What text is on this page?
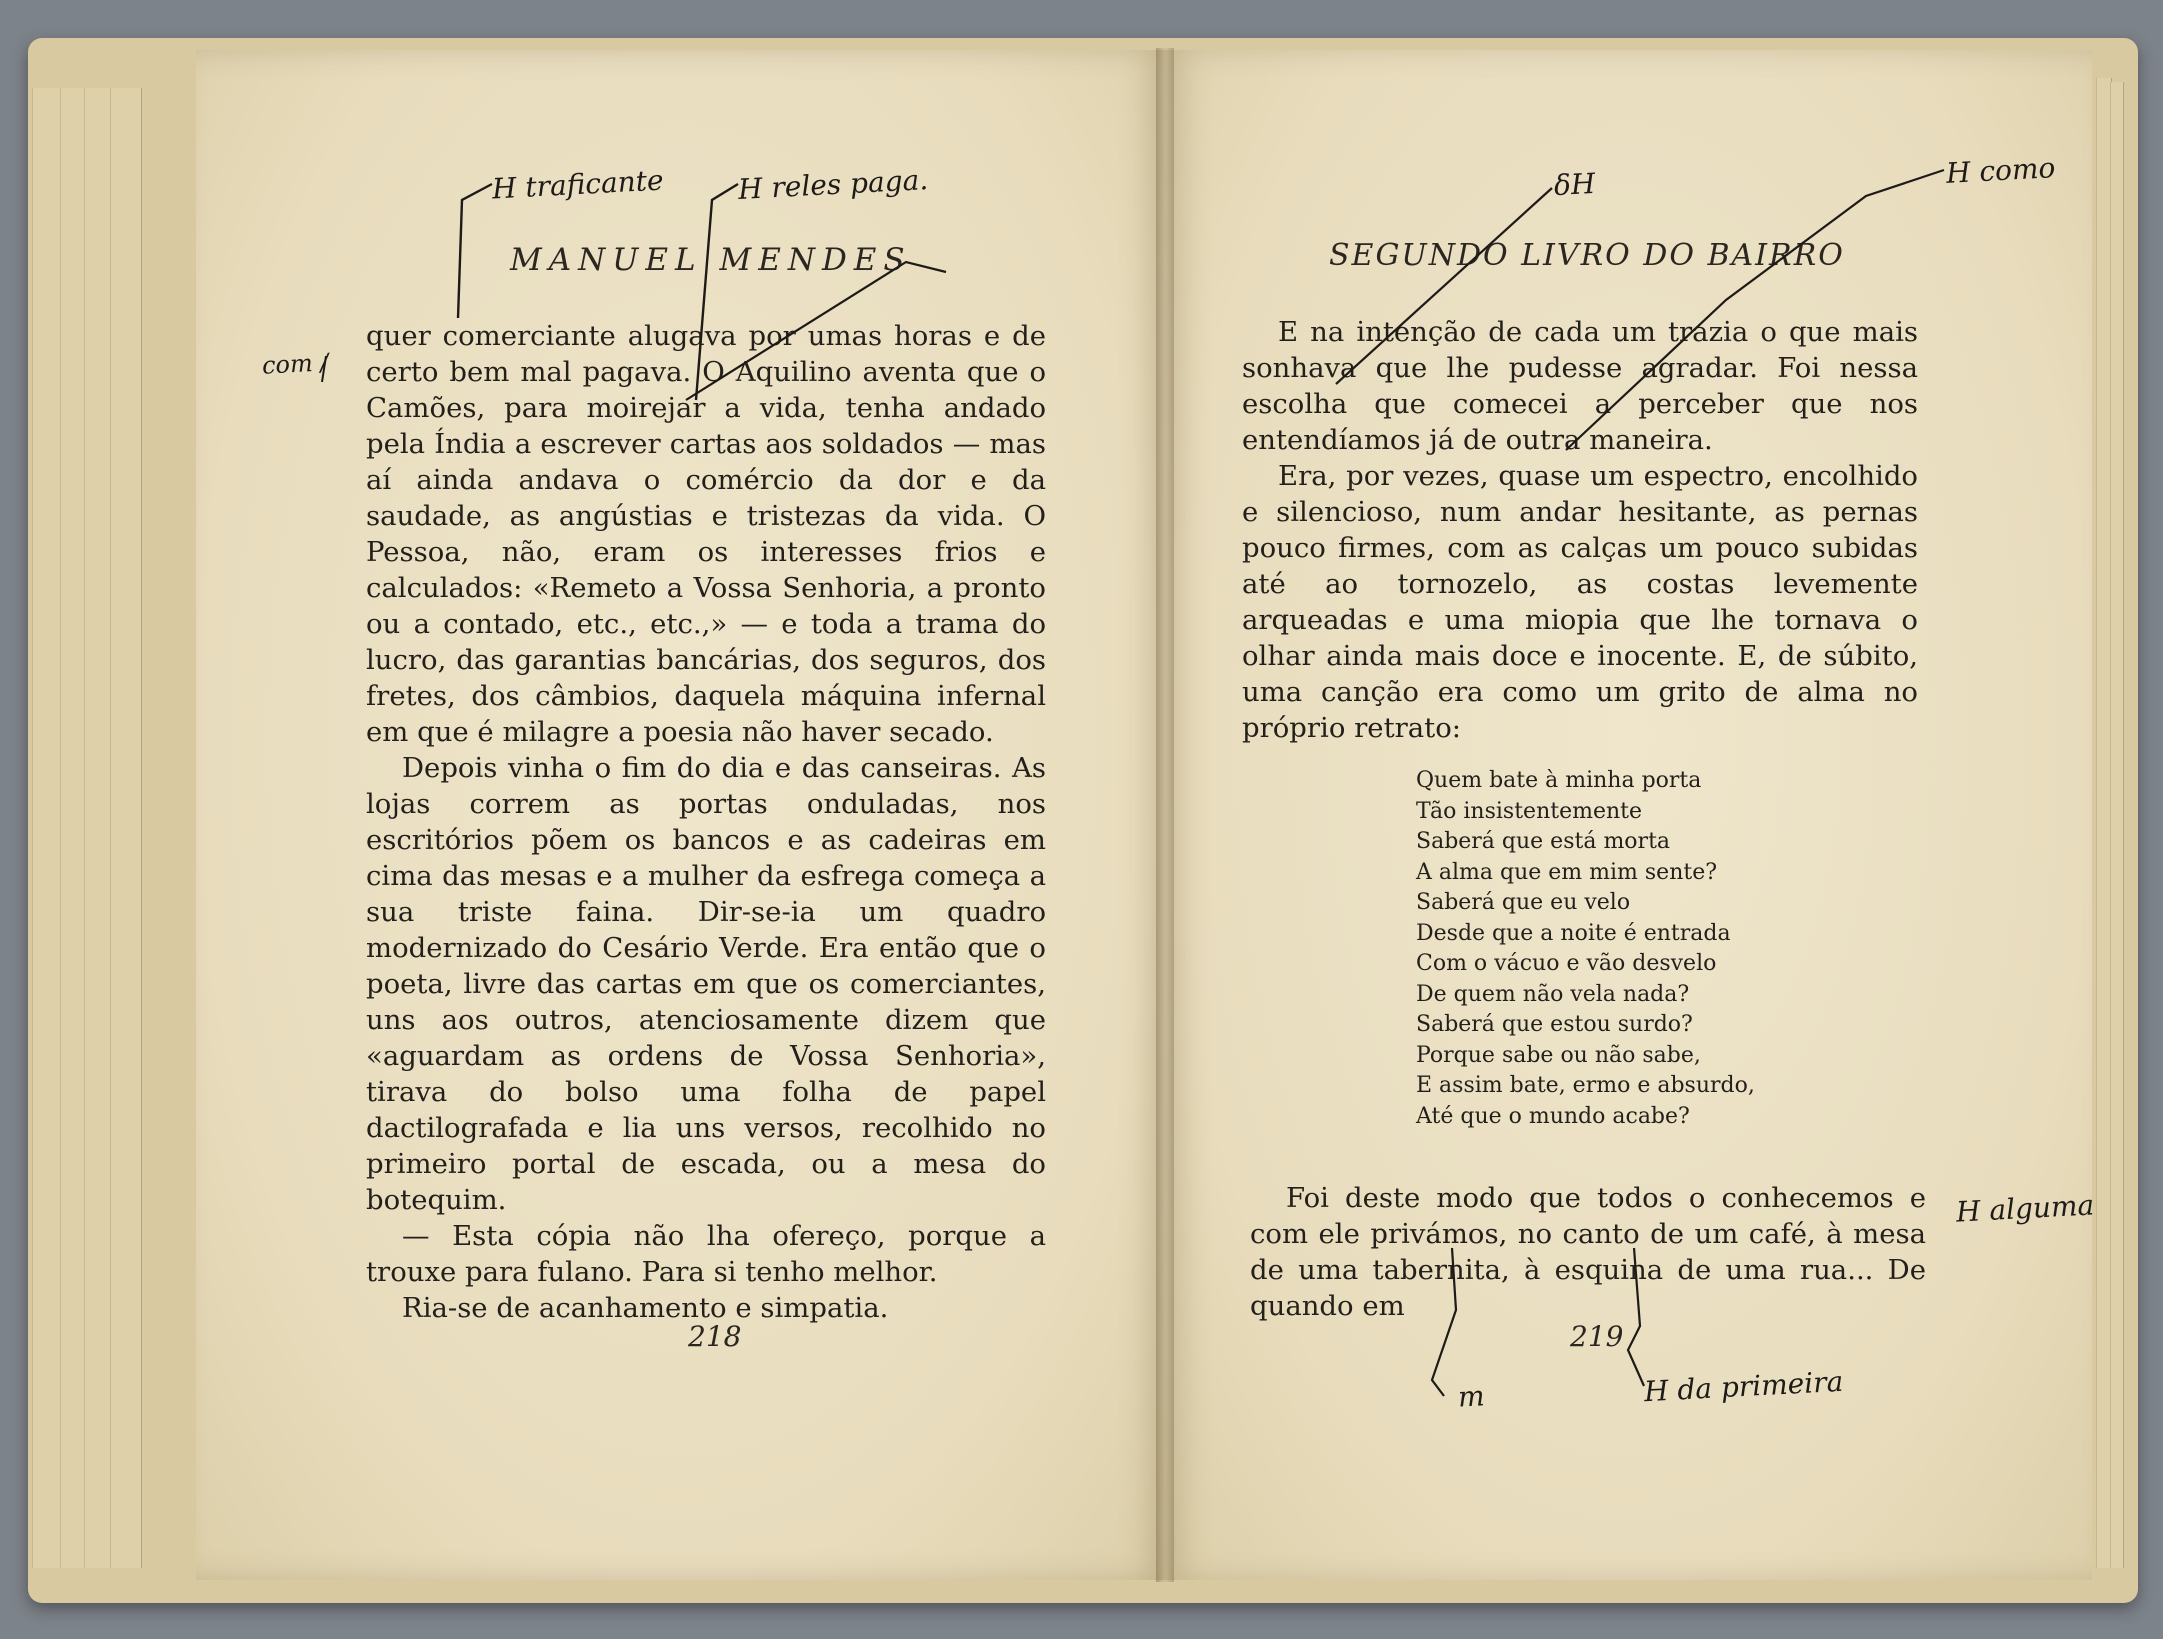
MANUEL MENDES

quer comerciante alugava por umas horas e de certo bem mal pagava. O Aquilino aventa que o Camões, para moirejar a vida, tenha andado pela Índia a escrever cartas aos soldados — mas aí ainda andava o comércio da dor e da saudade, as angústias e tristezas da vida. O Pessoa, não, eram os interesses frios e calculados: «Remeto a Vossa Senhoria, a pronto ou a contado, etc., etc.,» — e toda a trama do lucro, das garantias bancárias, dos seguros, dos fretes, dos câmbios, daquela máquina infernal em que é milagre a poesia não haver secado.

Depois vinha o fim do dia e das canseiras. As lojas correm as portas onduladas, nos escritórios põem os bancos e as cadeiras em cima das mesas e a mulher da esfrega começa a sua triste faina. Dir-se-ia um quadro modernizado do Cesário Verde. Era então que o poeta, livre das cartas em que os comerciantes, uns aos outros, atenciosamente dizem que «aguardam as ordens de Vossa Senhoria», tirava do bolso uma folha de papel dactilografada e lia uns versos, recolhido no primeiro portal de escada, ou a mesa do botequim.

— Esta cópia não lha ofereço, porque a trouxe para fulano. Para si tenho melhor.

Ria-se de acanhamento e simpatia.

218
H traficante	H reles paga.
com /
SEGUNDO LIVRO DO BAIRRO

E na intenção de cada um trazia o que mais sonhava que lhe pudesse agradar. Foi nessa escolha que comecei a perceber que nos entendíamos já de outra maneira.

Era, por vezes, quase um espectro, encolhido e silencioso, num andar hesitante, as pernas pouco firmes, com as calças um pouco subidas até ao tornozelo, as costas levemente arqueadas e uma miopia que lhe tornava o olhar ainda mais doce e inocente. E, de súbito, uma canção era como um grito de alma no próprio retrato:

Quem bate à minha porta
Tão insistentemente
Saberá que está morta
A alma que em mim sente?
Saberá que eu velo
Desde que a noite é entrada
Com o vácuo e vão desvelo
De quem não vela nada?
Saberá que estou surdo?
Porque sabe ou não sabe,
E assim bate, ermo e absurdo,
Até que o mundo acabe?

Foi deste modo que todos o conhecemos e com ele privámos, no canto de um café, à mesa de uma tabernita, à esquina de uma rua... De quando em

219
δH	H como
H alguma
m	H da primeira
